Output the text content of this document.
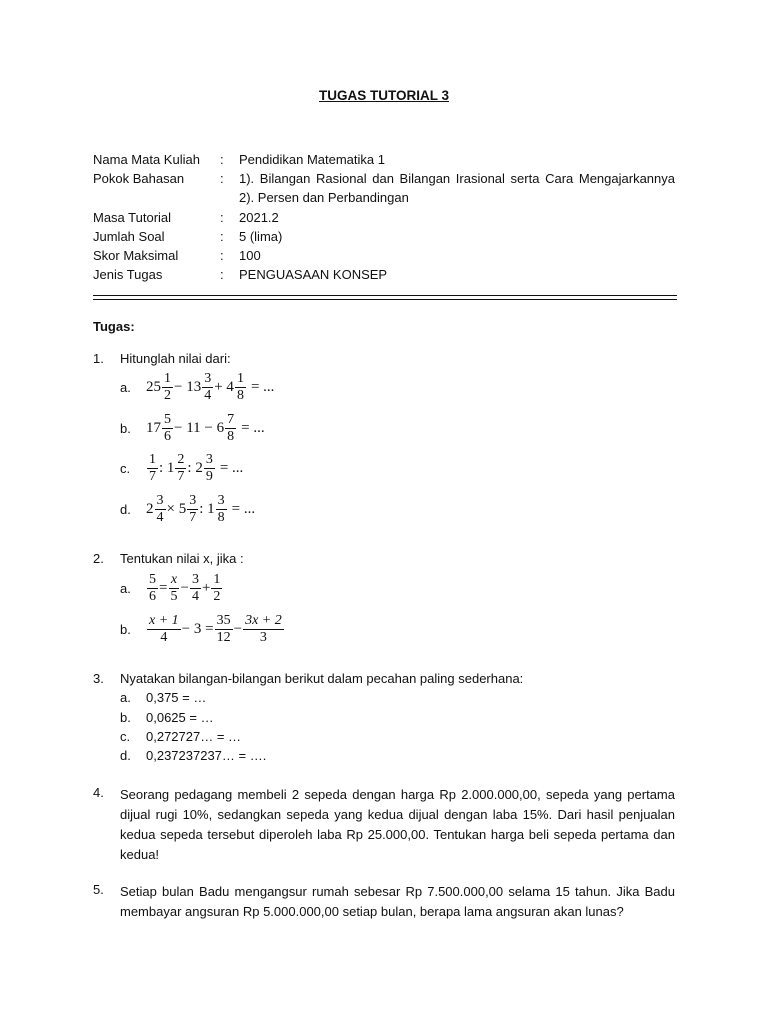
TUGAS TUTORIAL 3
Nama Mata Kuliah	:	Pendidikan Matematika 1
Pokok Bahasan	:	1). Bilangan Rasional dan Bilangan Irasional serta Cara Mengajarkannya
2). Persen dan Perbandingan
Masa Tutorial	:	2021.2
Jumlah Soal	:	5 (lima)
Skor Maksimal	:	100
Jenis Tugas	:	PENGUASAAN KONSEP
Tugas:
1. Hitunglah nilai dari:
a. $25 \frac{1}{2} - 13 \frac{3}{4} + 4 \frac{1}{8}$ = ...
b. $17 \frac{5}{6} - 11 - 6 \frac{7}{8}$ = ...
c. $\frac{1}{7}$ : $1 \frac{2}{7}$ : $2 \frac{3}{9}$ = ...
d. $2 \frac{3}{4} \times 5 \frac{3}{7}$ : $1 \frac{3}{8}$ = ...
2. Tentukan nilai x, jika :
a. $\frac{5}{6} = \frac{x}{5} - \frac{3}{4} + \frac{1}{2}$
b. $\frac{x + 1}{4} - 3 = \frac{35}{12} - \frac{3x + 2}{3}$
3. Nyatakan bilangan-bilangan berikut dalam pecahan paling sederhana:
a. 0,375 = …
b. 0,0625 = …
c. 0,272727… = …
d. 0,237237237… = ….
4. Seorang pedagang membeli 2 sepeda dengan harga Rp 2.000.000,00, sepeda yang pertama
dijual rugi 10%, sedangkan sepeda yang kedua dijual dengan laba 15%. Dari hasil penjualan
kedua sepeda tersebut diperoleh laba Rp 25.000,00. Tentukan harga beli sepeda pertama dan
kedua!
5. Setiap bulan Badu mengangsur rumah sebesar Rp 7.500.000,00 selama 15 tahun. Jika Badu
membayar angsuran Rp 5.000.000,00 setiap bulan, berapa lama angsuran akan lunas?
